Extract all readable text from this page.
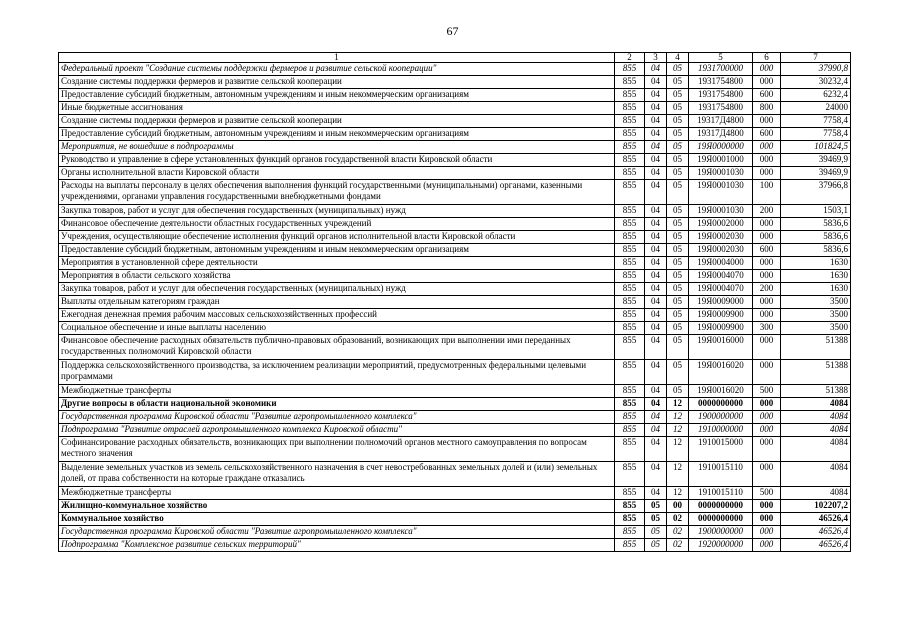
67
1	2	3	4	5	6	7
Федеральный проект "Создание системы поддержки фермеров и развитие сельской кооперации"	855	04	05	1931700000	000	37990,8
Создание системы поддержки фермеров и развитие сельской кооперации	855	04	05	1931754800	000	30232,4
Предоставление субсидий бюджетным, автономным учреждениям и иным некоммерческим организациям	855	04	05	1931754800	600	6232,4
Иные бюджетные ассигнования	855	04	05	1931754800	800	24000
Создание системы поддержки фермеров и развитие сельской кооперации	855	04	05	19317Д4800	000	7758,4
Предоставление субсидий бюджетным, автономным учреждениям и иным некоммерческим организациям	855	04	05	19317Д4800	600	7758,4
Мероприятия, не вошедшие в подпрограммы	855	04	05	19Я0000000	000	101824,5
Руководство и управление в сфере установленных функций органов государственной власти Кировской области	855	04	05	19Я0001000	000	39469,9
Органы исполнительной власти Кировской области	855	04	05	19Я0001030	000	39469,9
Расходы на выплаты персоналу в целях обеспечения выполнения функций государственными (муниципальными) органами, казенными учреждениями, органами управления государственными внебюджетными фондами	855	04	05	19Я0001030	100	37966,8
Закупка товаров, работ и услуг для обеспечения государственных (муниципальных) нужд	855	04	05	19Я0001030	200	1503,1
Финансовое обеспечение деятельности областных государственных учреждений	855	04	05	19Я0002000	000	5836,6
Учреждения, осуществляющие обеспечение исполнения функций органов исполнительной власти Кировской области	855	04	05	19Я0002030	000	5836,6
Предоставление субсидий бюджетным, автономным учреждениям и иным некоммерческим организациям	855	04	05	19Я0002030	600	5836,6
Мероприятия в установленной сфере деятельности	855	04	05	19Я0004000	000	1630
Мероприятия в области сельского хозяйства	855	04	05	19Я0004070	000	1630
Закупка товаров, работ и услуг для обеспечения государственных (муниципальных) нужд	855	04	05	19Я0004070	200	1630
Выплаты отдельным категориям граждан	855	04	05	19Я0009000	000	3500
Ежегодная денежная премия рабочим массовых сельскохозяйственных профессий	855	04	05	19Я0009900	000	3500
Социальное обеспечение и иные выплаты населению	855	04	05	19Я0009900	300	3500
Финансовое обеспечение расходных обязательств публично-правовых образований, возникающих при выполнении ими переданных государственных полномочий Кировской области	855	04	05	19Я0016000	000	51388
Поддержка сельскохозяйственного производства, за исключением реализации мероприятий, предусмотренных федеральными целевыми программами	855	04	05	19Я0016020	000	51388
Межбюджетные трансферты	855	04	05	19Я0016020	500	51388
Другие вопросы в области национальной экономики	855	04	12	0000000000	000	4084
Государственная программа Кировской области "Развитие агропромышленного комплекса"	855	04	12	1900000000	000	4084
Подпрограмма "Развитие отраслей агропромышленного комплекса Кировской области"	855	04	12	1910000000	000	4084
Софинансирование расходных обязательств, возникающих при выполнении полномочий органов местного самоуправления по вопросам местного значения	855	04	12	1910015000	000	4084
Выделение земельных участков из земель сельскохозяйственного назначения в счет невостребованных земельных долей и (или) земельных долей, от права собственности на которые граждане отказались	855	04	12	1910015110	000	4084
Межбюджетные трансферты	855	04	12	1910015110	500	4084
Жилищно-коммунальное хозяйство	855	05	00	0000000000	000	102207,2
Коммунальное хозяйство	855	05	02	0000000000	000	46526,4
Государственная программа Кировской области "Развитие агропромышленного комплекса"	855	05	02	1900000000	000	46526,4
Подпрограмма "Комплексное развитие сельских территорий"	855	05	02	1920000000	000	46526,4
